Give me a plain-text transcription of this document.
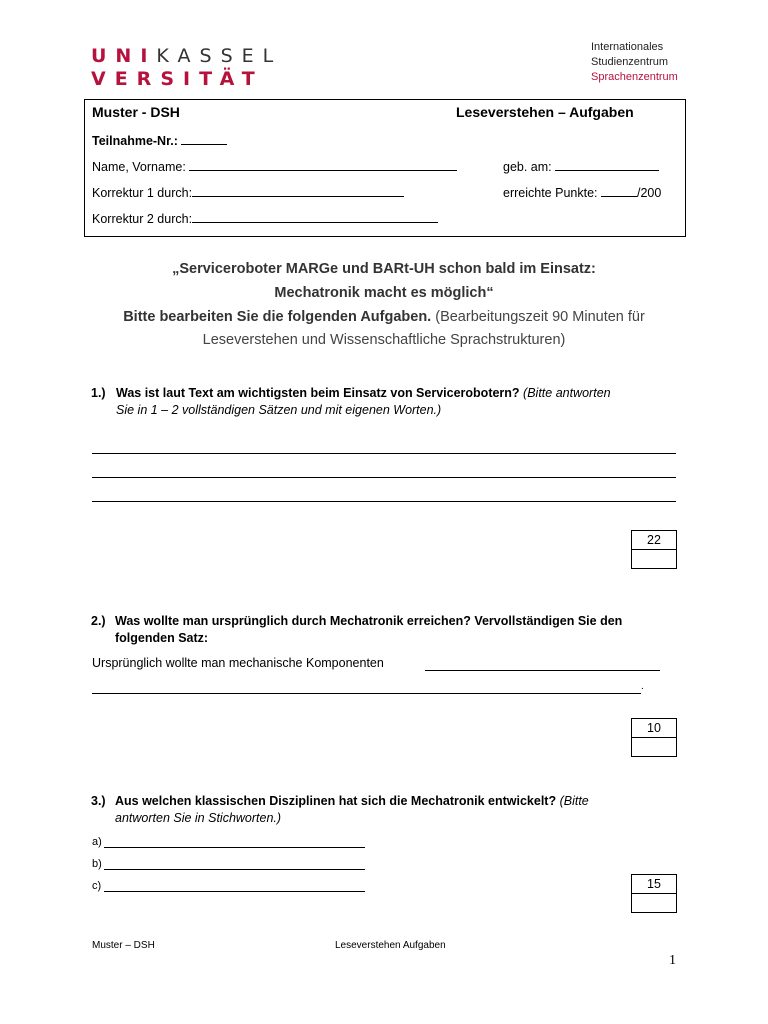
UNIKASSEL
VERSITÄT
Internationales
Studienzentrum
Sprachenzentrum
Muster - DSH	Leseverstehen – Aufgaben
Teilnahme-Nr.:
Name, Vorname:	geb. am:
Korrektur 1 durch:	erreichte Punkte:	/200
Korrektur 2 durch:
„Serviceroboter MARGe und BARt-UH schon bald im Einsatz:
Mechatronik macht es möglich“
Bitte bearbeiten Sie die folgenden Aufgaben. (Bearbeitungszeit 90 Minuten für
Leseverstehen und Wissenschaftliche Sprachstrukturen)
1.) Was ist laut Text am wichtigsten beim Einsatz von Servicerobotern? (Bitte antworten
Sie in 1 – 2 vollständigen Sätzen und mit eigenen Worten.)
22
2.) Was wollte man ursprünglich durch Mechatronik erreichen? Vervollständigen Sie den
folgenden Satz:
Ursprünglich wollte man mechanische Komponenten
.
10
3.) Aus welchen klassischen Disziplinen hat sich die Mechatronik entwickelt? (Bitte
antworten Sie in Stichworten.)
a)
b)
c)	15
Muster – DSH	Leseverstehen Aufgaben
1
